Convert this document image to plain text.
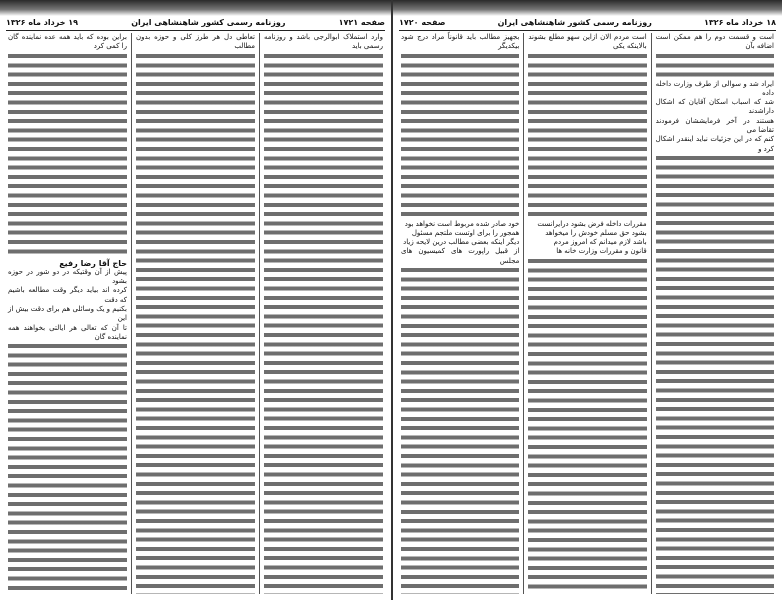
صفحه ۱۷۲۱
روزنامه رسمی کشور شاهنشاهی ایران
۱۹ خرداد ماه ۱۳۲۶
وارد استملاک ابوالرجی باشد و روزنامه رسمی باید
تعاطی دل هر طرز کلی و حوزه بدون مطالب
براین بوده که باید همه عده نماینده گان را کمی کرد
حاج آقا رضا رفیع
پیش از آن وقتیکه در دو شور در حوزه بشود
کرده اند بیاید دیگر وقت مطالعه باشیم که دقت
بکنیم و یک وسائلی هم برای دقت بیش از این
تا آن که تعالی هر ایالتی بخواهند همه نماینده گان
۱۸ خرداد ماه ۱۳۲۶
روزنامه رسمی کشور شاهنشاهی ایران
صفحه ۱۷۲۰
است و قسمت دوم را هم ممکن است اضافه بآن
ایراد شد و سوالی از طرف وزارت داخله داده
شد که اسباب اسکان آقایان که اشکال داراشدند
هستند در آخر فرمایششان فرمودند تقاضا می
کنم که در این جزئیات نباید اینقدر اشکال کرد و
است مردم الان ازاین سهو مطلع بشوند بالاینکه یکی
مقررات داخله فرض بشود درایرانست
بشود حق مسلم خودش را میخواهد
باشد لازم میدانم که امروز مردم
قانون و مقررات وزارت خانه ها
بجهیز مطالب باید قانوناً مراد درج شود بیکدیگر
خود صادر شده مربوط است نخواهد بود
همجور را برای اوتست ملتجم مسئول
دیگر اینکه بعضی مطالب درین لایحه زیاد
از قبیل راپورت های کمیسیون های مجلس
